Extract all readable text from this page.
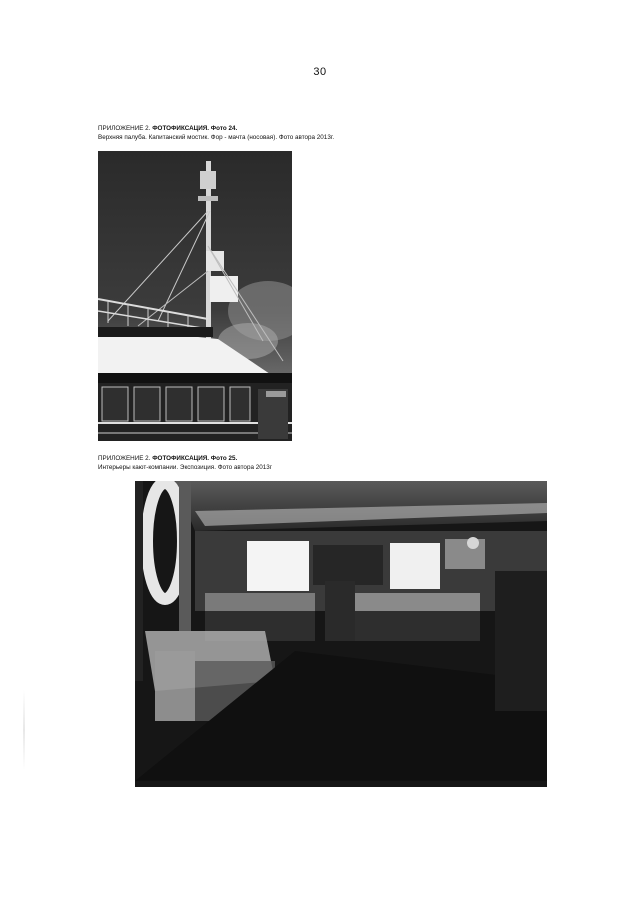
30
ПРИЛОЖЕНИЕ 2. ФОТОФИКСАЦИЯ. Фото 24.
Верхняя палуба. Капитанский мостик. Фор - мачта (носовая). Фото автора 2013г.
ПРИЛОЖЕНИЕ 2. ФОТОФИКСАЦИЯ. Фото 25.
Интерьеры кают-компании. Экспозиция. Фото автора 2013г
